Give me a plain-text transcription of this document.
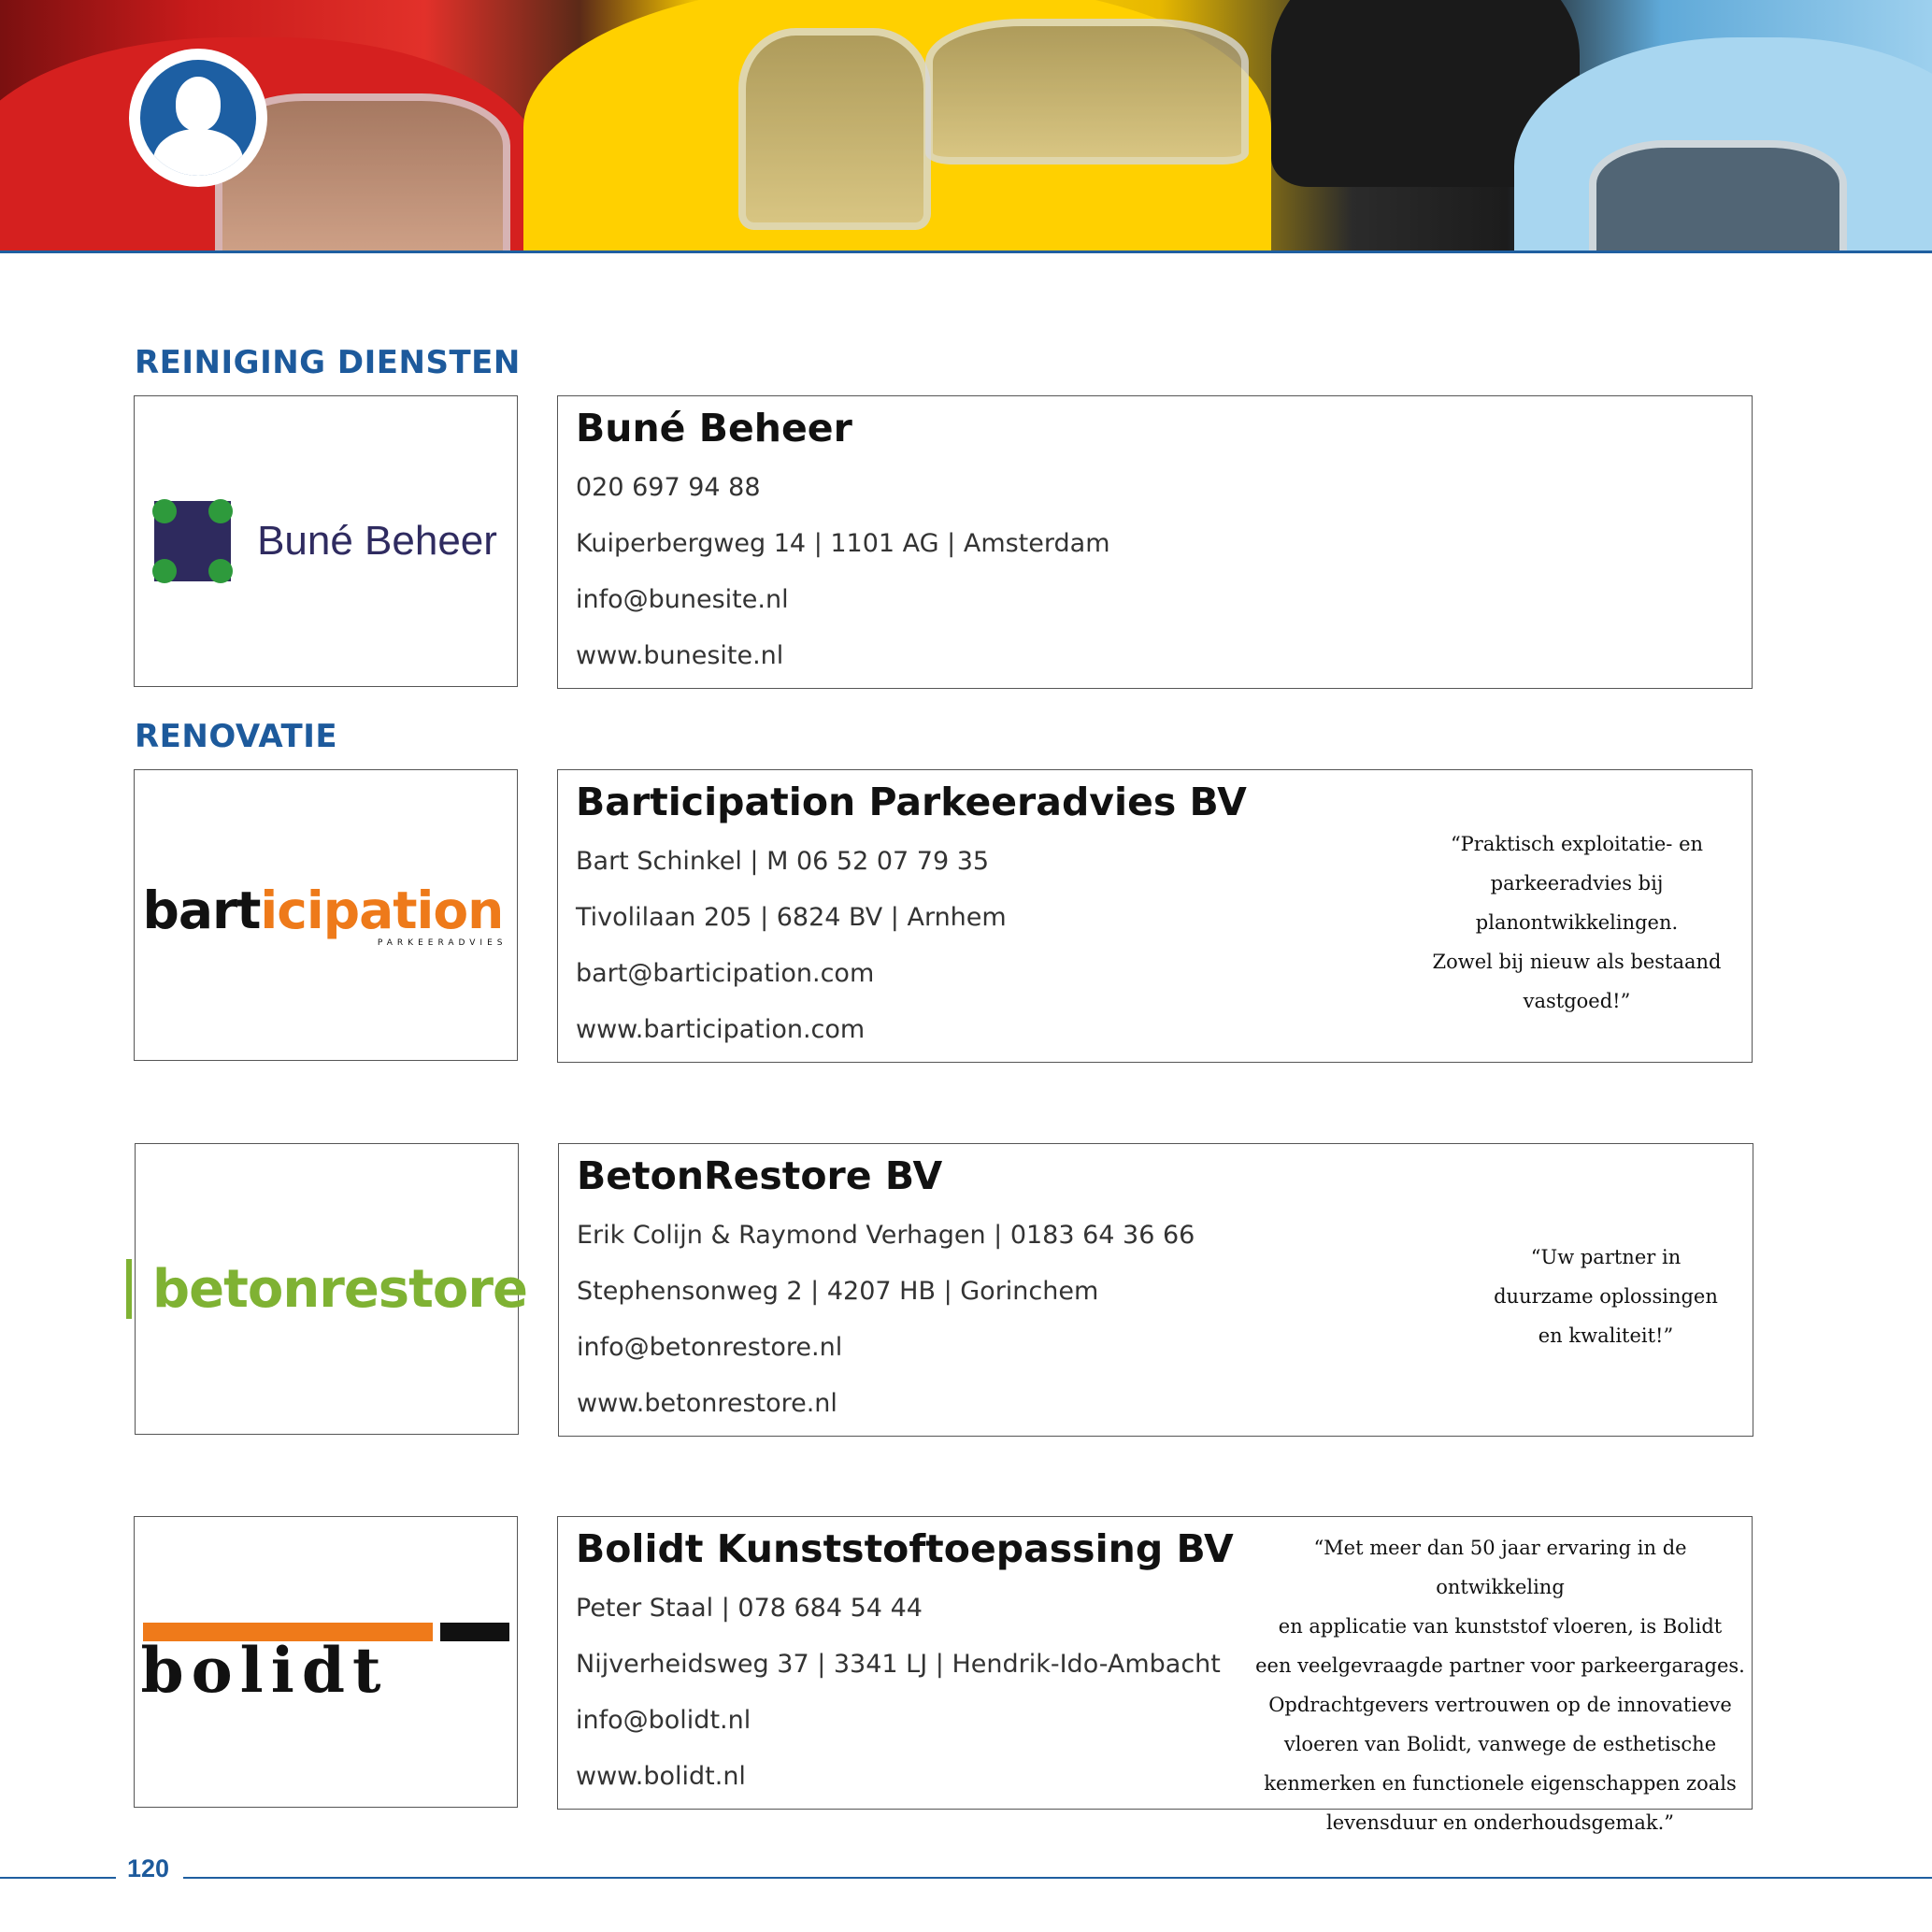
REINIGING DIENSTEN
Buné Beheer
Buné Beheer

020 697 94 88

Kuiperbergweg 14 | 1101 AG | Amsterdam

info@bunesite.nl

www.bunesite.nl

RENOVATIE
barticipation
PARKEERADVIES
Barticipation Parkeeradvies BV

Bart Schinkel | M 06 52 07 79 35

Tivolilaan 205 | 6824 BV | Arnhem

bart@barticipation.com

www.barticipation.com

“Praktisch exploitatie- en
parkeeradvies bij
planontwikkelingen.
Zowel bij nieuw als bestaand
vastgoed!”
betonrestore
BetonRestore BV

Erik Colijn & Raymond Verhagen | 0183 64 36 66

Stephensonweg 2 | 4207 HB | Gorinchem

info@betonrestore.nl

www.betonrestore.nl

“Uw partner in
duurzame oplossingen
en kwaliteit!”
bolidt
Bolidt Kunststoftoepassing BV

Peter Staal | 078 684 54 44

Nijverheidsweg 37 | 3341 LJ | Hendrik-Ido-Ambacht

info@bolidt.nl

www.bolidt.nl

“Met meer dan 50 jaar ervaring in de ontwikkeling
en applicatie van kunststof vloeren, is Bolidt
een veelgevraagde partner voor parkeergarages.
Opdrachtgevers vertrouwen op de innovatieve
vloeren van Bolidt, vanwege de esthetische
kenmerken en functionele eigenschappen zoals
levensduur en onderhoudsgemak.”

120
